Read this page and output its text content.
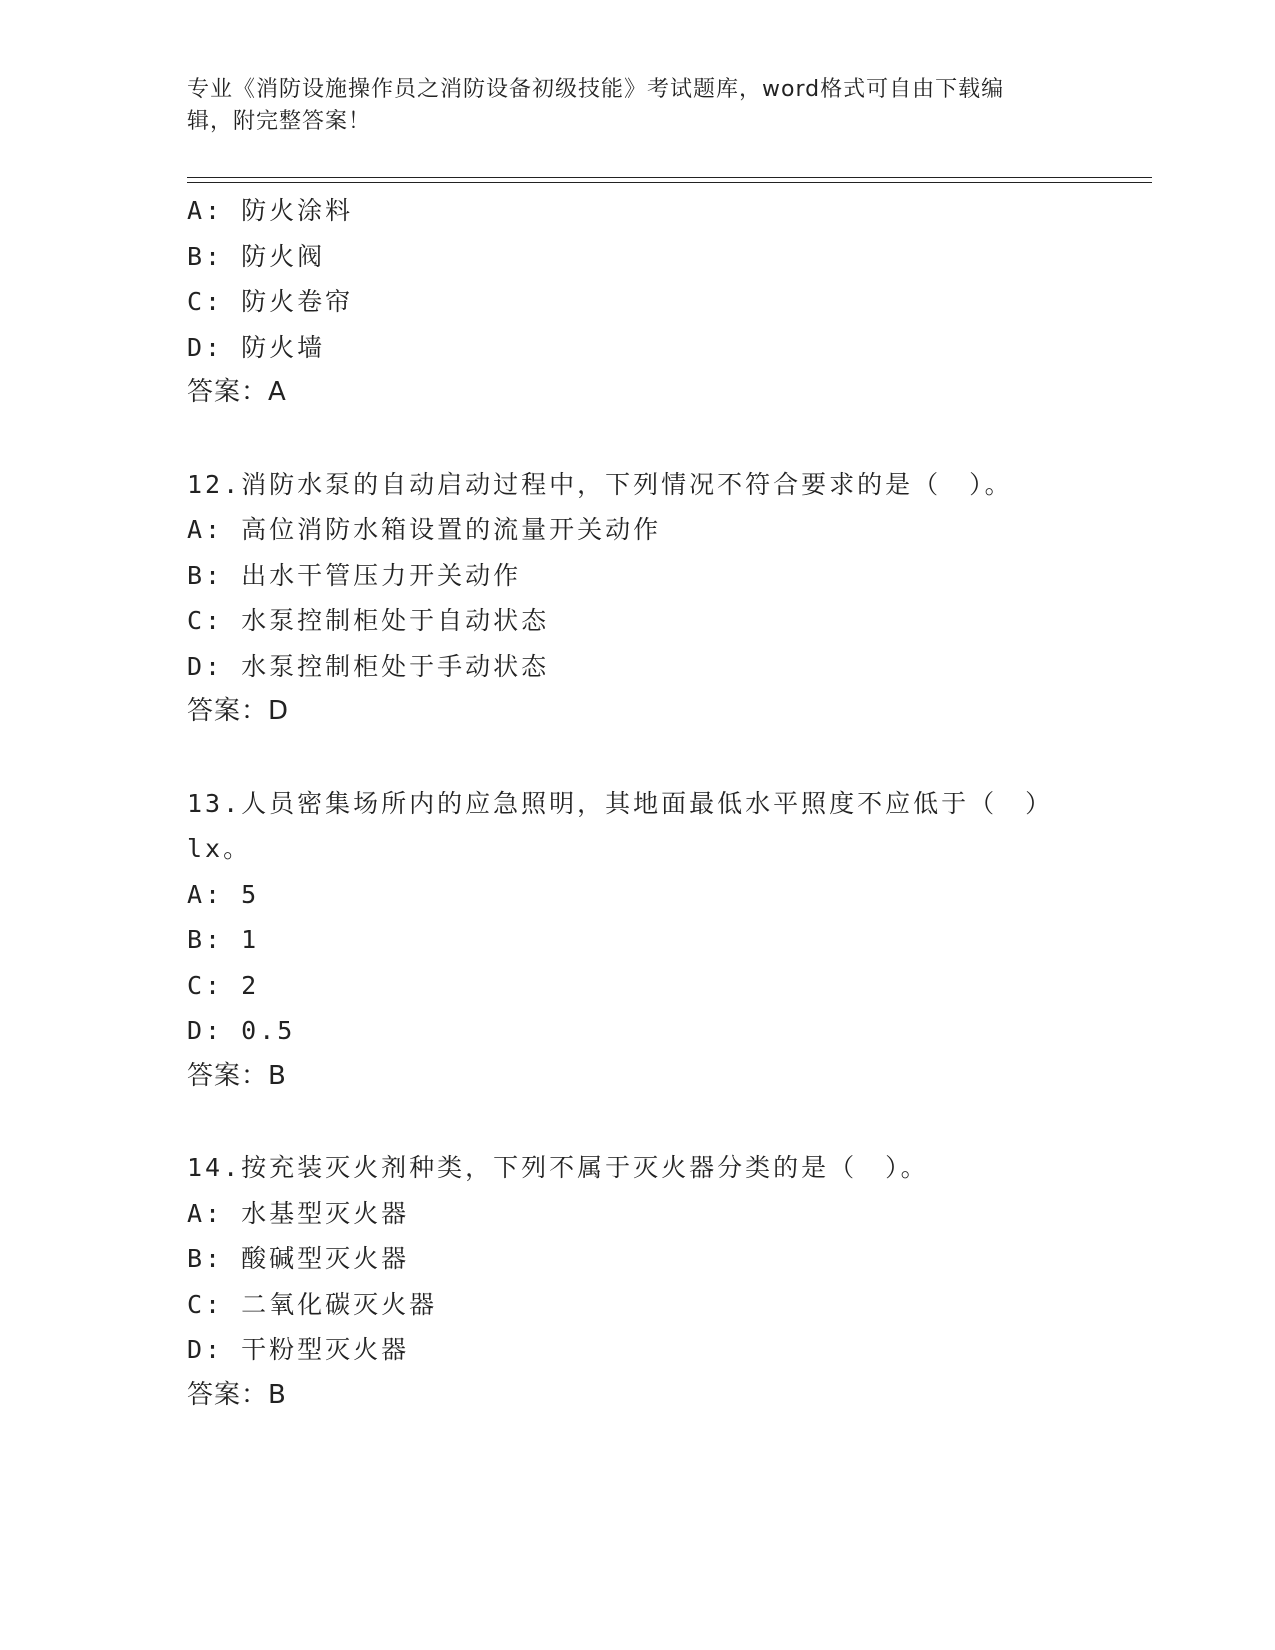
专业《消防设施操作员之消防设备初级技能》考试题库，word格式可自由下载编
辑，附完整答案！
A: 防火涂料
B: 防火阀
C: 防火卷帘
D: 防火墙
答案：A
12.消防水泵的自动启动过程中，下列情况不符合要求的是（　）。
A: 高位消防水箱设置的流量开关动作
B: 出水干管压力开关动作
C: 水泵控制柜处于自动状态
D: 水泵控制柜处于手动状态
答案：D
13.人员密集场所内的应急照明，其地面最低水平照度不应低于（　）
lx。
A: 5
B: 1
C: 2
D: 0.5
答案：B
14.按充装灭火剂种类，下列不属于灭火器分类的是（　）。
A: 水基型灭火器
B: 酸碱型灭火器
C: 二氧化碳灭火器
D: 干粉型灭火器
答案：B
